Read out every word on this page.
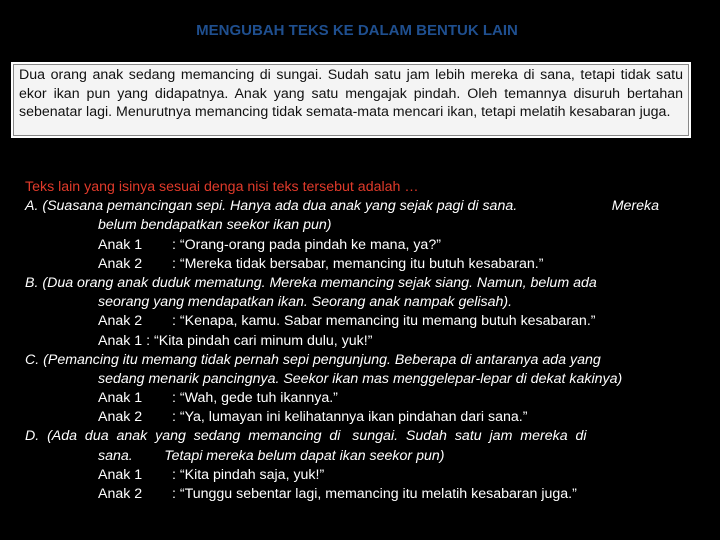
MENGUBAH TEKS KE DALAM BENTUK LAIN
Dua orang anak sedang memancing di sungai. Sudah satu jam lebih mereka di sana, tetapi tidak satu ekor ikan pun yang didapatnya. Anak yang satu mengajak pindah. Oleh temannya disuruh bertahan sebenatar lagi. Menurutnya memancing tidak semata-mata mencari ikan, tetapi melatih kesabaran juga.
Teks lain yang isinya sesuai denga nisi teks tersebut adalah …
A. (Suasana pemancingan sepi. Hanya ada dua anak yang sejak pagi di sana.	Mereka
belum bendapatkan seekor ikan pun)
Anak 1 : “Orang-orang pada pindah ke mana, ya?”
Anak 2 : “Mereka tidak bersabar, memancing itu butuh kesabaran.”
B. (Dua orang anak duduk mematung. Mereka memancing sejak siang. Namun, belum ada
seorang yang mendapatkan ikan. Seorang anak nampak gelisah).
Anak 2 : “Kenapa, kamu. Sabar memancing itu memang butuh kesabaran.”
Anak 1 : “Kita pindah cari minum dulu, yuk!”
C. (Pemancing itu memang tidak pernah sepi pengunjung. Beberapa di antaranya ada yang
sedang menarik pancingnya. Seekor ikan mas menggelepar-lepar di dekat kakinya)
Anak 1 : “Wah, gede tuh ikannya.”
Anak 2 : “Ya, lumayan ini kelihatannya ikan pindahan dari sana.”
D.  (Ada  dua  anak  yang  sedang  memancing  di   sungai.  Sudah  satu  jam  mereka  di
sana.        Tetapi mereka belum dapat ikan seekor pun)
Anak 1 : “Kita pindah saja, yuk!”
Anak 2 : “Tunggu sebentar lagi, memancing itu melatih kesabaran juga.”
